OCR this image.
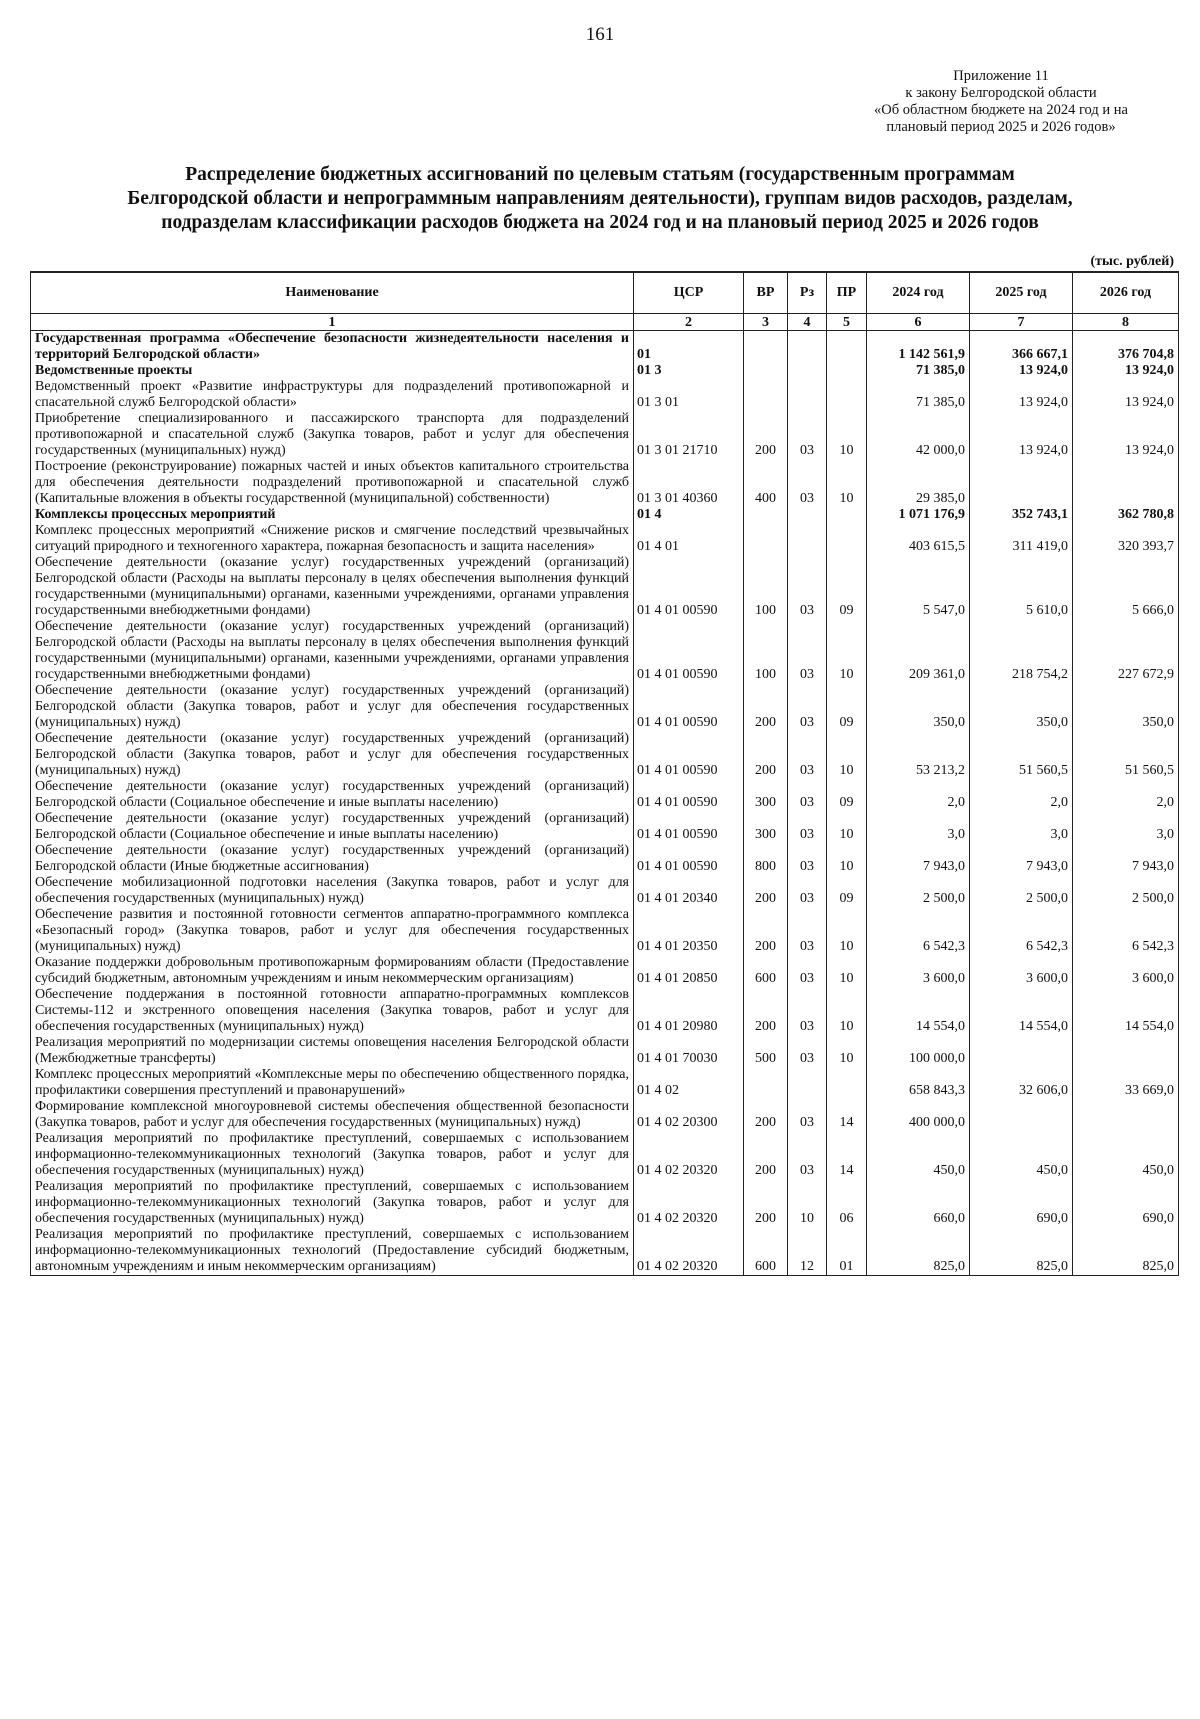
161
Приложение 11
к закону Белгородской области
«Об областном бюджете на 2024 год и на
плановый период 2025 и 2026 годов»
Распределение бюджетных ассигнований по целевым статьям (государственным программам
Белгородской области и непрограммным направлениям деятельности), группам видов расходов, разделам,
подразделам классификации расходов бюджета на 2024 год и на плановый период 2025 и 2026 годов
(тыс. рублей)
Наименование	ЦСР	ВР	Рз	ПР	2024 год	2025 год	2026 год
1	2	3	4	5	6	7	8
Государственная программа «Обеспечение безопасности жизнедеятельности населения и территорий Белгородской области»	01				1 142 561,9	366 667,1	376 704,8
Ведомственные проекты	01 3				71 385,0	13 924,0	13 924,0
Ведомственный проект «Развитие инфраструктуры для подразделений противопожарной и спасательной служб Белгородской области»	01 3 01				71 385,0	13 924,0	13 924,0
Приобретение специализированного и пассажирского транспорта для подразделений противопожарной и спасательной служб (Закупка товаров, работ и услуг для обеспечения государственных (муниципальных) нужд)	01 3 01 21710	200	03	10	42 000,0	13 924,0	13 924,0
Построение (реконструирование) пожарных частей и иных объектов капитального строительства для обеспечения деятельности подразделений противопожарной и спасательной служб (Капитальные вложения в объекты государственной (муниципальной) собственности)	01 3 01 40360	400	03	10	29 385,0		
Комплексы процессных мероприятий	01 4				1 071 176,9	352 743,1	362 780,8
Комплекс процессных мероприятий «Снижение рисков и смягчение последствий чрезвычайных ситуаций природного и техногенного характера, пожарная безопасность и защита населения»	01 4 01				403 615,5	311 419,0	320 393,7
Обеспечение деятельности (оказание услуг) государственных учреждений (организаций) Белгородской области (Расходы на выплаты персоналу в целях обеспечения выполнения функций государственными (муниципальными) органами, казенными учреждениями, органами управления государственными внебюджетными фондами)	01 4 01 00590	100	03	09	5 547,0	5 610,0	5 666,0
Обеспечение деятельности (оказание услуг) государственных учреждений (организаций) Белгородской области (Расходы на выплаты персоналу в целях обеспечения выполнения функций государственными (муниципальными) органами, казенными учреждениями, органами управления государственными внебюджетными фондами)	01 4 01 00590	100	03	10	209 361,0	218 754,2	227 672,9
Обеспечение деятельности (оказание услуг) государственных учреждений (организаций) Белгородской области (Закупка товаров, работ и услуг для обеспечения государственных (муниципальных) нужд)	01 4 01 00590	200	03	09	350,0	350,0	350,0
Обеспечение деятельности (оказание услуг) государственных учреждений (организаций) Белгородской области (Закупка товаров, работ и услуг для обеспечения государственных (муниципальных) нужд)	01 4 01 00590	200	03	10	53 213,2	51 560,5	51 560,5
Обеспечение деятельности (оказание услуг) государственных учреждений (организаций) Белгородской области (Социальное обеспечение и иные выплаты населению)	01 4 01 00590	300	03	09	2,0	2,0	2,0
Обеспечение деятельности (оказание услуг) государственных учреждений (организаций) Белгородской области (Социальное обеспечение и иные выплаты населению)	01 4 01 00590	300	03	10	3,0	3,0	3,0
Обеспечение деятельности (оказание услуг) государственных учреждений (организаций) Белгородской области (Иные бюджетные ассигнования)	01 4 01 00590	800	03	10	7 943,0	7 943,0	7 943,0
Обеспечение мобилизационной подготовки населения (Закупка товаров, работ и услуг для обеспечения государственных (муниципальных) нужд)	01 4 01 20340	200	03	09	2 500,0	2 500,0	2 500,0
Обеспечение развития и постоянной готовности сегментов аппаратно-программного комплекса «Безопасный город» (Закупка товаров, работ и услуг для обеспечения государственных (муниципальных) нужд)	01 4 01 20350	200	03	10	6 542,3	6 542,3	6 542,3
Оказание поддержки добровольным противопожарным формированиям области (Предоставление субсидий бюджетным, автономным учреждениям и иным некоммерческим организациям)	01 4 01 20850	600	03	10	3 600,0	3 600,0	3 600,0
Обеспечение поддержания в постоянной готовности аппаратно-программных комплексов Системы-112 и экстренного оповещения населения (Закупка товаров, работ и услуг для обеспечения государственных (муниципальных) нужд)	01 4 01 20980	200	03	10	14 554,0	14 554,0	14 554,0
Реализация мероприятий по модернизации системы оповещения населения Белгородской области (Межбюджетные трансферты)	01 4 01 70030	500	03	10	100 000,0		
Комплекс процессных мероприятий «Комплексные меры по обеспечению общественного порядка, профилактики совершения преступлений и правонарушений»	01 4 02				658 843,3	32 606,0	33 669,0
Формирование комплексной многоуровневой системы обеспечения общественной безопасности (Закупка товаров, работ и услуг для обеспечения государственных (муниципальных) нужд)	01 4 02 20300	200	03	14	400 000,0		
Реализация мероприятий по профилактике преступлений, совершаемых с использованием информационно-телекоммуникационных технологий (Закупка товаров, работ и услуг для обеспечения государственных (муниципальных) нужд)	01 4 02 20320	200	03	14	450,0	450,0	450,0
Реализация мероприятий по профилактике преступлений, совершаемых с использованием информационно-телекоммуникационных технологий (Закупка товаров, работ и услуг для обеспечения государственных (муниципальных) нужд)	01 4 02 20320	200	10	06	660,0	690,0	690,0
Реализация мероприятий по профилактике преступлений, совершаемых с использованием информационно-телекоммуникационных технологий (Предоставление субсидий бюджетным, автономным учреждениям и иным некоммерческим организациям)	01 4 02 20320	600	12	01	825,0	825,0	825,0
